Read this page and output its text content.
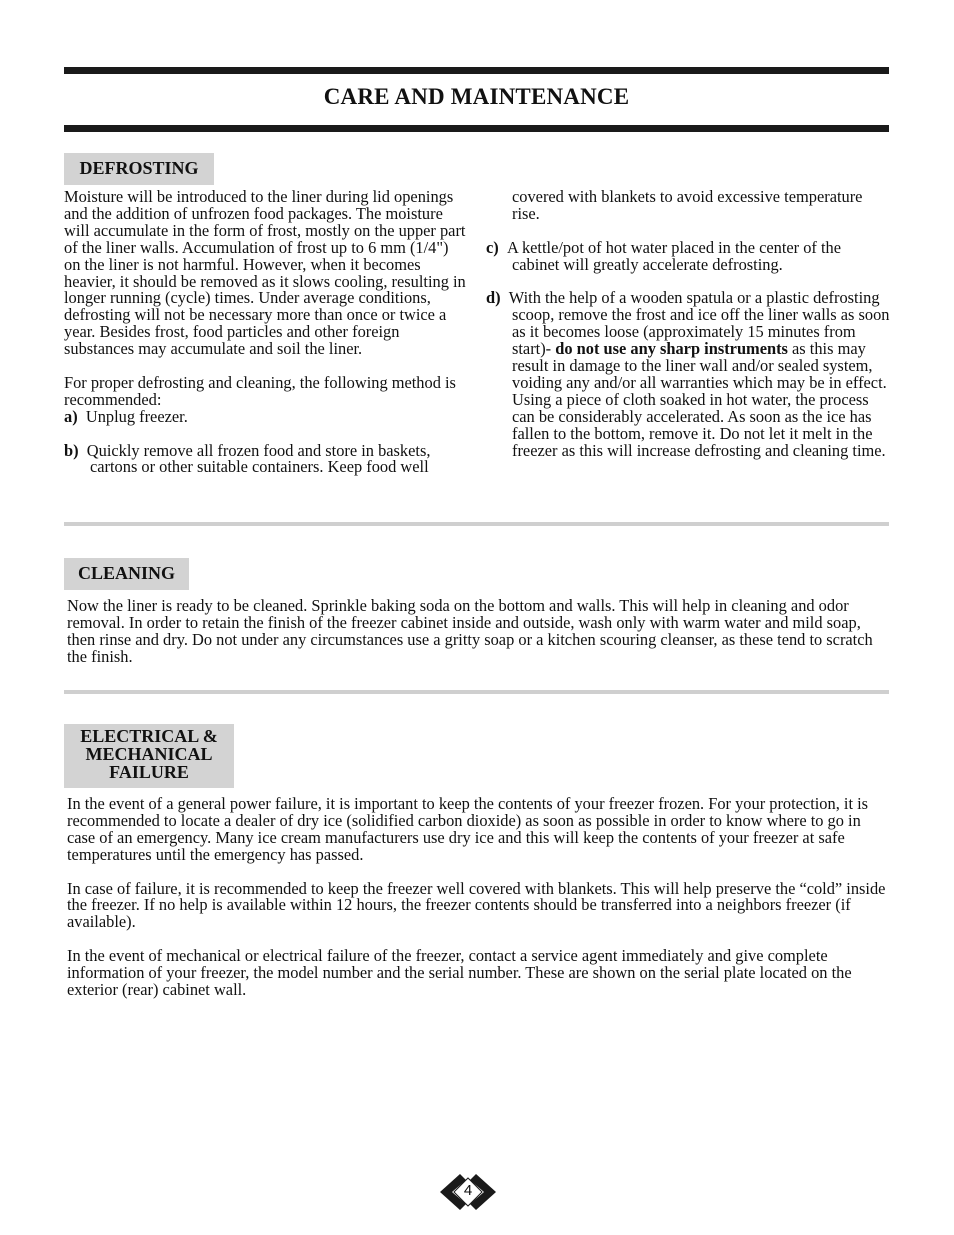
CARE AND MAINTENANCE
DEFROSTING

Moisture will be introduced to the liner during lid openings and the addition of unfrozen food packages. The moisture will accumulate in the form of frost, mostly on the upper part of the liner walls. Accumulation of frost up to 6 mm (1/4") on the liner is not harmful. However, when it becomes heavier, it should be removed as it slows cooling, resulting in longer running (cycle) times. Under average conditions, defrosting will not be necessary more than once or twice a year. Besides frost, food particles and other foreign substances may accumulate and soil the liner.

For proper defrosting and cleaning, the following method is recommended:

a) Unplug freezer.

b) Quickly remove all frozen food and store in baskets, cartons or other suitable containers. Keep food well

covered with blankets to avoid excessive temperature rise.

c) A kettle/pot of hot water placed in the center of the cabinet will greatly accelerate defrosting.

d) With the help of a wooden spatula or a plastic defrosting scoop, remove the frost and ice off the liner walls as soon as it becomes loose (approximately 15 minutes from start)- do not use any sharp instruments as this may result in damage to the liner wall and/or sealed system, voiding any and/or all warranties which may be in effect. Using a piece of cloth soaked in hot water, the process can be considerably accelerated. As soon as the ice has fallen to the bottom, remove it. Do not let it melt in the freezer as this will increase defrosting and cleaning time.

CLEANING
Now the liner is ready to be cleaned. Sprinkle baking soda on the bottom and walls. This will help in cleaning and odor removal. In order to retain the finish of the freezer cabinet inside and outside, wash only with warm water and mild soap, then rinse and dry. Do not under any circumstances use a gritty soap or a kitchen scouring cleanser, as these tend to scratch the finish.
ELECTRICAL &
MECHANICAL
FAILURE

In the event of a general power failure, it is important to keep the contents of your freezer frozen. For your protection, it is recommended to locate a dealer of dry ice (solidified carbon dioxide) as soon as possible in order to know where to go in case of an emergency. Many ice cream manufacturers use dry ice and this will keep the contents of your freezer at safe temperatures until the emergency has passed.

In case of failure, it is recommended to keep the freezer well covered with blankets. This will help preserve the “cold” inside the freezer. If no help is available within 12 hours, the freezer contents should be transferred into a neighbors freezer (if available).

In the event of mechanical or electrical failure of the freezer, contact a service agent immediately and give complete information of your freezer, the model number and the serial number. These are shown on the serial plate located on the exterior (rear) cabinet wall.

4
